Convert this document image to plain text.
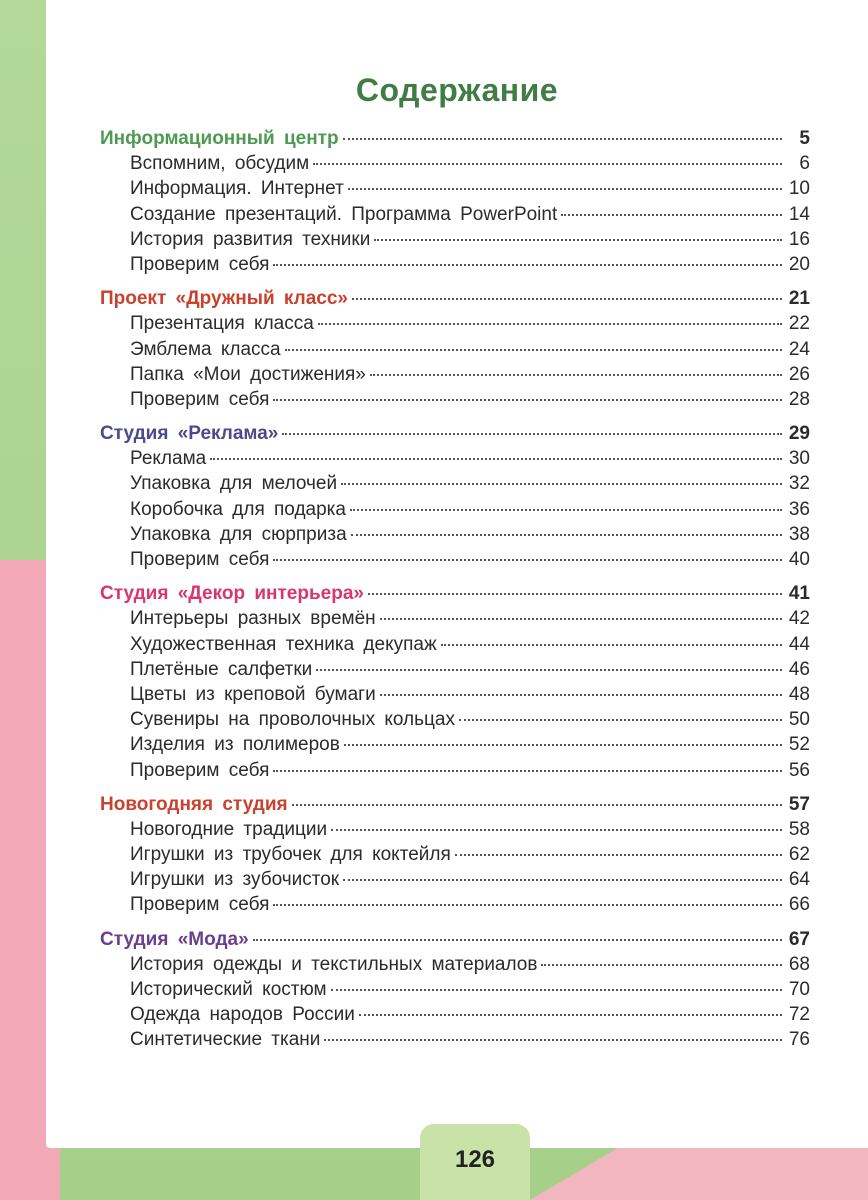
Содержание
Информационный центр	5
Вспомним, обсудим	6
Информация. Интернет	10
Создание презентаций. Программа PowerPoint	14
История развития техники	16
Проверим себя	20
Проект «Дружный класс»	21
Презентация класса	22
Эмблема класса	24
Папка «Мои достижения»	26
Проверим себя	28
Студия «Реклама»	29
Реклама	30
Упаковка для мелочей	32
Коробочка для подарка	36
Упаковка для сюрприза	38
Проверим себя	40
Студия «Декор интерьера»	41
Интерьеры разных времён	42
Художественная техника декупаж	44
Плетёные салфетки	46
Цветы из креповой бумаги	48
Сувениры на проволочных кольцах	50
Изделия из полимеров	52
Проверим себя	56
Новогодняя студия	57
Новогодние традиции	58
Игрушки из трубочек для коктейля	62
Игрушки из зубочисток	64
Проверим себя	66
Студия «Мода»	67
История одежды и текстильных материалов	68
Исторический костюм	70
Одежда народов России	72
Синтетические ткани	76
126
